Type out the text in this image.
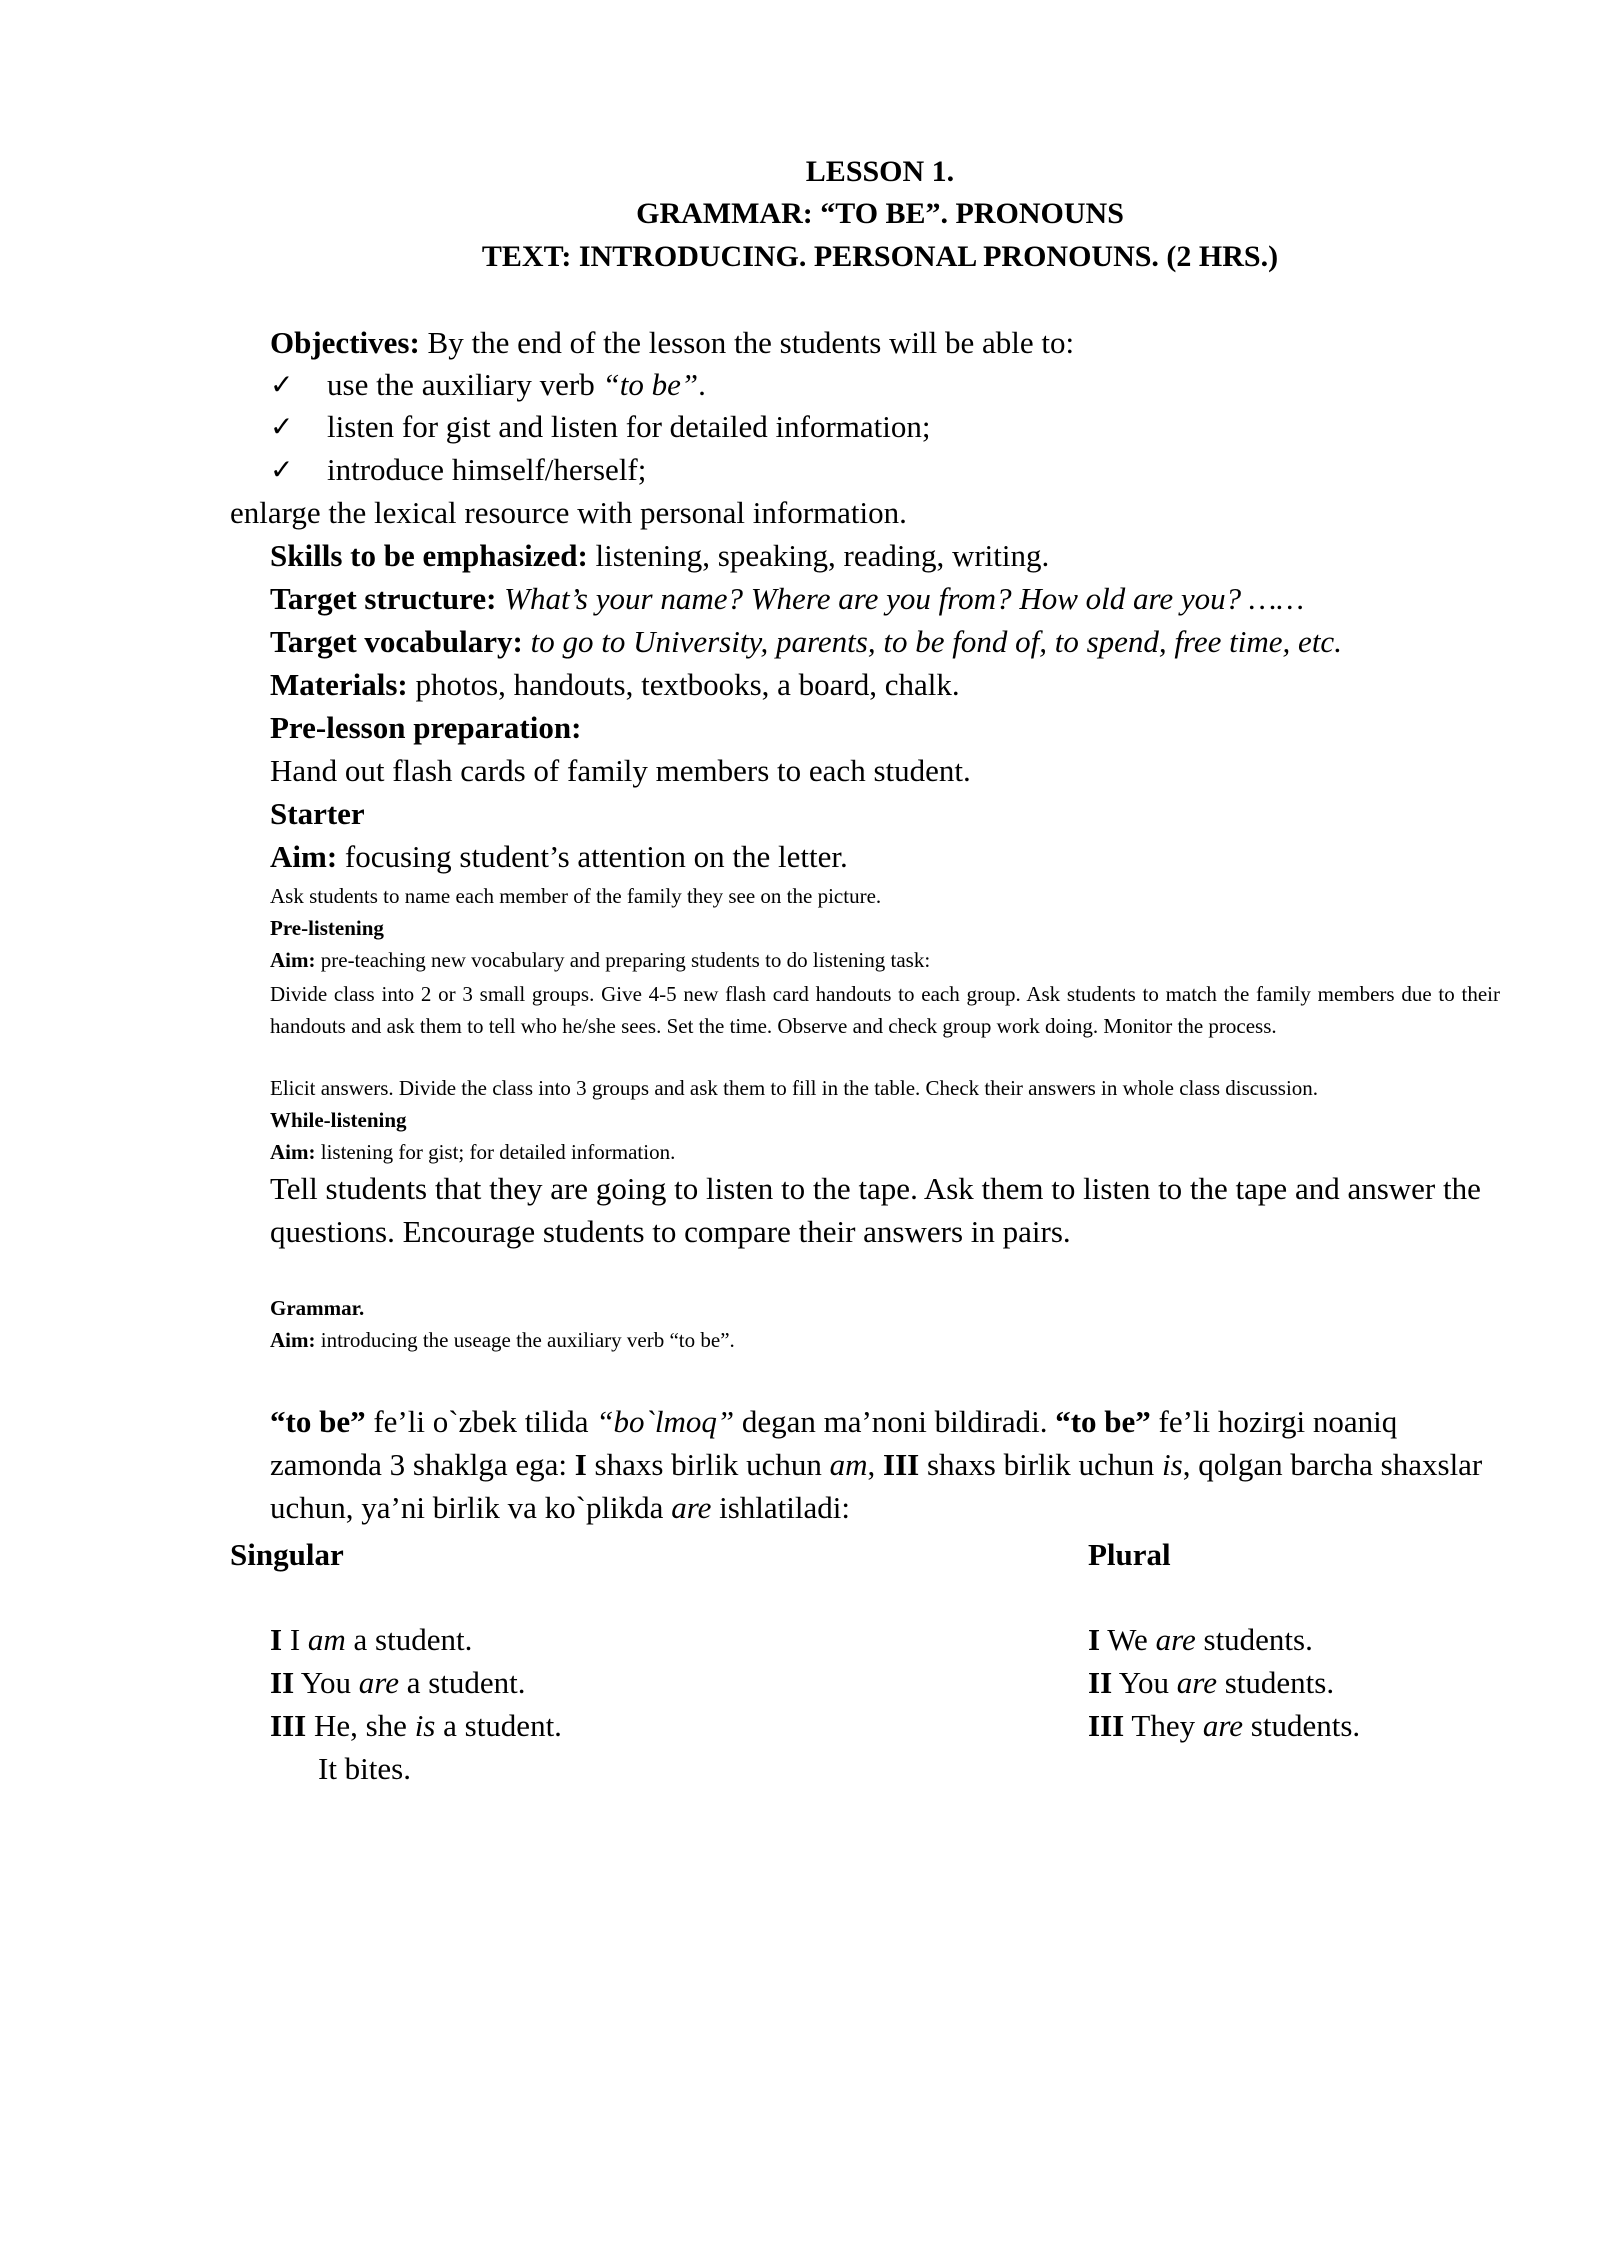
LESSON 1.
GRAMMAR: “TO BE”. PRONOUNS
TEXT: INTRODUCING. PERSONAL PRONOUNS. (2 HRS.)
Objectives: By the end of the lesson the students will be able to:
✓ use the auxiliary verb “to be”.
✓ listen for gist and listen for detailed information;
✓ introduce himself/herself;
enlarge the lexical resource with personal information.
Skills to be emphasized: listening, speaking, reading, writing.
Target structure: What’s your name? Where are you from? How old are you? ……
Target vocabulary: to go to University, parents, to be fond of, to spend, free time, etc.
Materials: photos, handouts, textbooks, a board, chalk.
Pre-lesson preparation:
Hand out flash cards of family members to each student.
Starter
Aim: focusing student’s attention on the letter.
Ask students to name each member of the family they see on the picture.
Pre-listening
Aim: pre-teaching new vocabulary and preparing students to do listening task:

Divide class into 2 or 3 small groups. Give 4-5 new flash card handouts to each group. Ask students to match the family members due to their handouts and ask them to tell who he/she sees. Set the time. Observe and check group work doing. Monitor the process.

Elicit answers. Divide the class into 3 groups and ask them to fill in the table. Check their answers in whole class discussion.
While-listening
Aim: listening for gist; for detailed information.

Tell students that they are going to listen to the tape. Ask them to listen to the tape and answer the questions. Encourage students to compare their answers in pairs.

Grammar.
Aim: introducing the useage the auxiliary verb “to be”.

“to be” fe’li o`zbek tilida “bo`lmoq” degan ma’noni bildiradi. “to be” fe’li hozirgi noaniq zamonda 3 shaklga ega: I shaxs birlik uchun am, III shaxs birlik uchun is, qolgan barcha shaxslar uchun, ya’ni birlik va ko`plikda are ishlatiladi:

Singular	Plural
I I am a student.
II You are a student.
III He, she is a student.
It bites.
I We are students.
II You are students.
III They are students.
